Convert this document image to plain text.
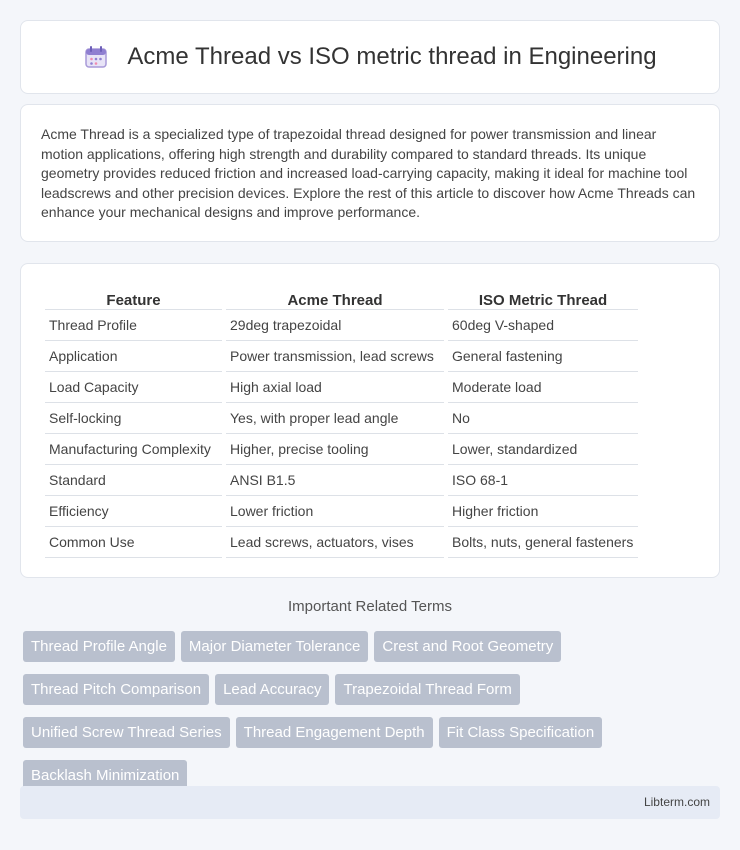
Acme Thread vs ISO metric thread in Engineering

Acme Thread is a specialized type of trapezoidal thread designed for power transmission and linear motion applications, offering high strength and durability compared to standard threads. Its unique geometry provides reduced friction and increased load-carrying capacity, making it ideal for machine tool leadscrews and other precision devices. Explore the rest of this article to discover how Acme Threads can enhance your mechanical designs and improve performance.

Feature	Acme Thread	ISO Metric Thread
Thread Profile	29deg trapezoidal	60deg V-shaped
Application	Power transmission, lead screws	General fastening
Load Capacity	High axial load	Moderate load
Self-locking	Yes, with proper lead angle	No
Manufacturing Complexity	Higher, precise tooling	Lower, standardized
Standard	ANSI B1.5	ISO 68-1
Efficiency	Lower friction	Higher friction
Common Use	Lead screws, actuators, vises	Bolts, nuts, general fasteners
Important Related Terms
Thread Profile Angle	Major Diameter Tolerance	Crest and Root Geometry
Thread Pitch Comparison	Lead Accuracy	Trapezoidal Thread Form
Unified Screw Thread Series	Thread Engagement Depth	Fit Class Specification
Backlash Minimization
Libterm.com
